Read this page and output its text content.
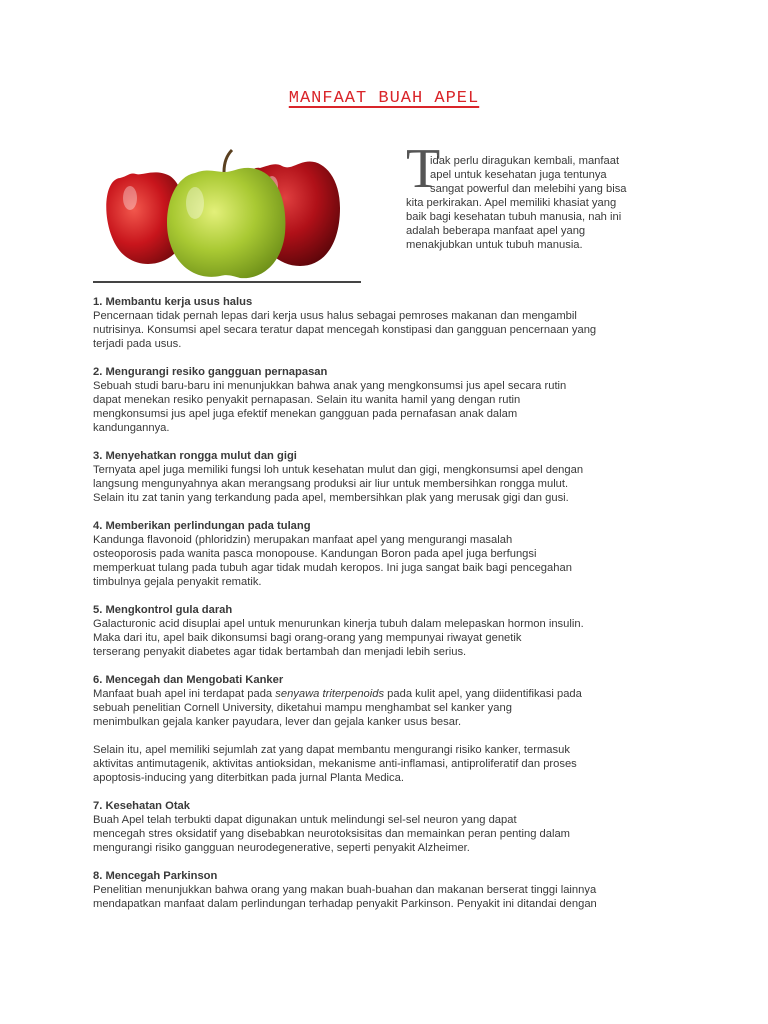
MANFAAT BUAH APEL
T
idak perlu diragukan kembali, manfaat
apel untuk kesehatan juga tentunya
sangat powerful dan melebihi yang bisa
kita perkirakan. Apel memiliki khasiat yang
baik bagi kesehatan tubuh manusia, nah ini
adalah beberapa manfaat apel yang
menakjubkan untuk tubuh manusia.
1. Membantu kerja usus halus

Pencernaan tidak pernah lepas dari kerja usus halus sebagai pemroses makanan dan mengambil
nutrisinya. Konsumsi apel secara teratur dapat mencegah konstipasi dan gangguan pencernaan yang
terjadi pada usus.

2. Mengurangi resiko gangguan pernapasan

Sebuah studi baru-baru ini menunjukkan bahwa anak yang mengkonsumsi jus apel secara rutin
dapat menekan resiko penyakit pernapasan. Selain itu wanita hamil yang dengan rutin
mengkonsumsi jus apel juga efektif menekan gangguan pada pernafasan anak dalam
kandungannya.

3. Menyehatkan rongga mulut dan gigi

Ternyata apel juga memiliki fungsi loh untuk kesehatan mulut dan gigi, mengkonsumsi apel dengan
langsung mengunyahnya akan merangsang produksi air liur untuk membersihkan rongga mulut.
Selain itu zat tanin yang terkandung pada apel, membersihkan plak yang merusak gigi dan gusi.

4. Memberikan perlindungan pada tulang

Kandunga flavonoid (phloridzin) merupakan manfaat apel yang mengurangi masalah
osteoporosis pada wanita pasca monopouse. Kandungan Boron pada apel juga berfungsi
memperkuat tulang pada tubuh agar tidak mudah keropos. Ini juga sangat baik bagi pencegahan
timbulnya gejala penyakit rematik.

5. Mengkontrol gula darah

Galacturonic acid disuplai apel untuk menurunkan kinerja tubuh dalam melepaskan hormon insulin.
Maka dari itu, apel baik dikonsumsi bagi orang-orang yang mempunyai riwayat genetik
terserang penyakit diabetes agar tidak bertambah dan menjadi lebih serius.

6. Mencegah dan Mengobati Kanker

Manfaat buah apel ini terdapat pada senyawa triterpenoids pada kulit apel, yang diidentifikasi pada
sebuah penelitian Cornell University, diketahui mampu menghambat sel kanker yang
menimbulkan gejala kanker payudara, lever dan gejala kanker usus besar.

Selain itu, apel memiliki sejumlah zat yang dapat membantu mengurangi risiko kanker, termasuk
aktivitas antimutagenik, aktivitas antioksidan, mekanisme anti-inflamasi, antiproliferatif dan proses
apoptosis-inducing yang diterbitkan pada jurnal Planta Medica.

7. Kesehatan Otak

Buah Apel telah terbukti dapat digunakan untuk melindungi sel-sel neuron yang dapat
mencegah stres oksidatif yang disebabkan neurotoksisitas dan memainkan peran penting dalam
mengurangi risiko gangguan neurodegenerative, seperti penyakit Alzheimer.

8. Mencegah Parkinson

Penelitian menunjukkan bahwa orang yang makan buah-buahan dan makanan berserat tinggi lainnya
mendapatkan manfaat dalam perlindungan terhadap penyakit Parkinson. Penyakit ini ditandai dengan
